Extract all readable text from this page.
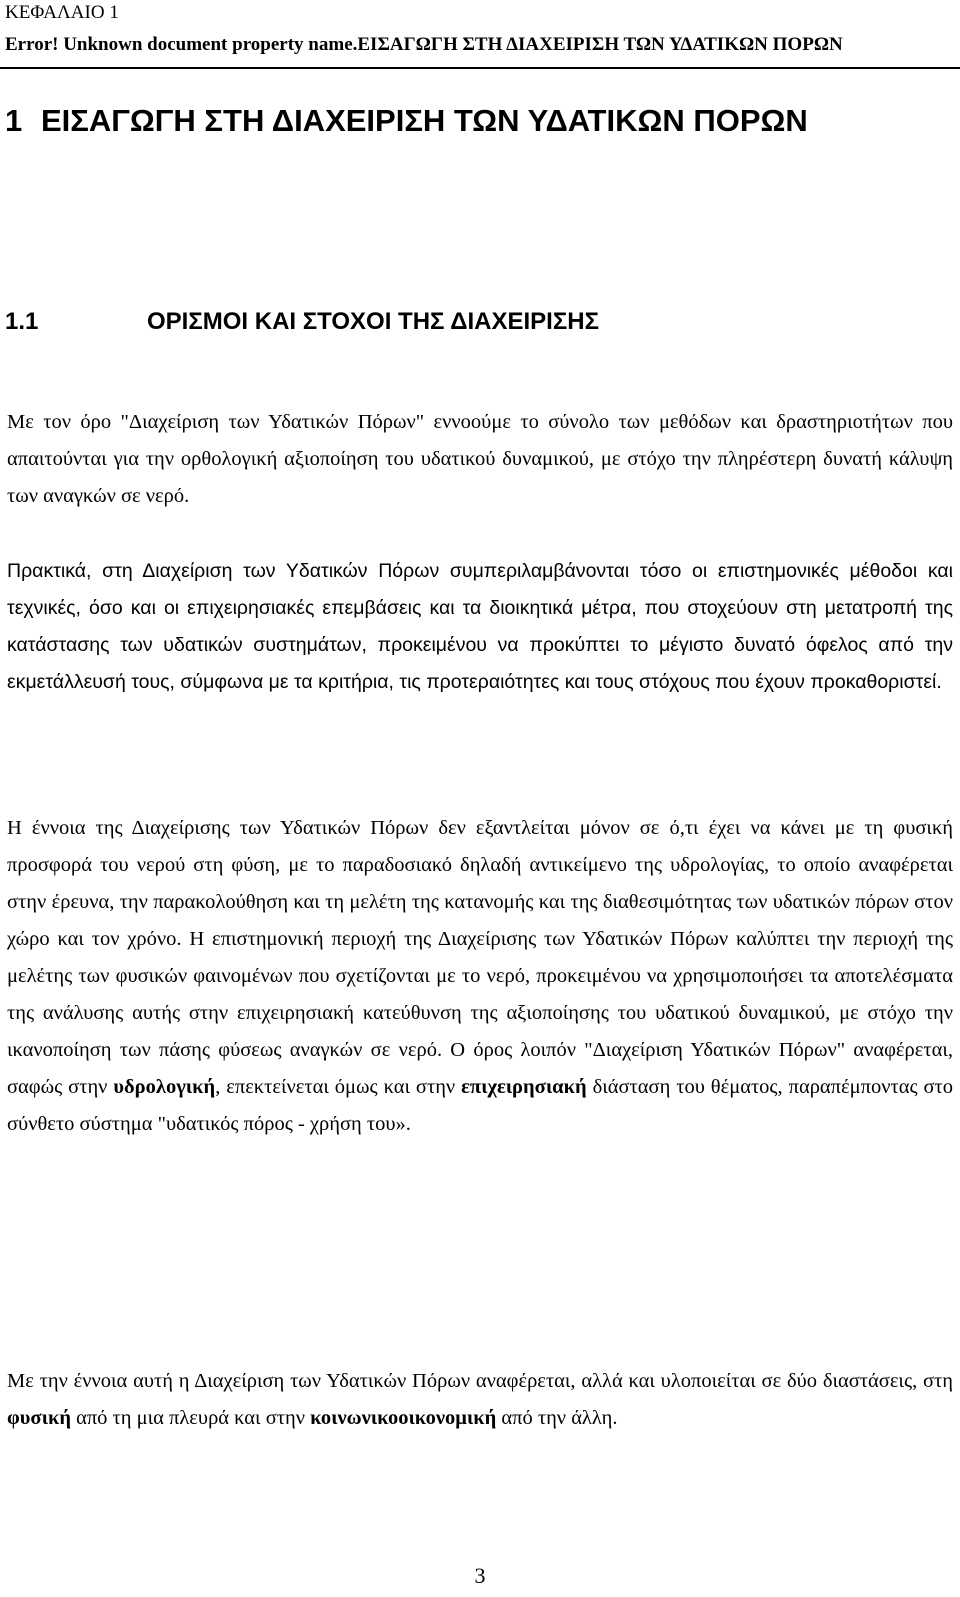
ΚΕΦΑΛΑΙΟ 1
Error! Unknown document property name.ΕΙΣΑΓΩΓΗ ΣΤΗ ΔΙΑΧΕΙΡΙΣΗ ΤΩΝ ΥΔΑΤΙΚΩΝ ΠΟΡΩΝ
1 ΕΙΣΑΓΩΓΗ ΣΤΗ ΔΙΑΧΕΙΡΙΣΗ ΤΩΝ ΥΔΑΤΙΚΩΝ ΠΟΡΩΝ
1.1	ΟΡΙΣΜΟΙ ΚΑΙ ΣΤΟΧΟΙ ΤΗΣ ΔΙΑΧΕΙΡΙΣΗΣ

Με τον όρο "Διαχείριση των Υδατικών Πόρων" εννοούμε το σύνολο των μεθόδων και δραστηριοτήτων που απαιτούνται για την ορθολογική αξιοποίηση του υδατικού δυναμικού, με στόχο την πληρέστερη δυνατή κάλυψη των αναγκών σε νερό.

Πρακτικά, στη Διαχείριση των Υδατικών Πόρων συμπεριλαμβάνονται τόσο οι επιστημονικές μέθοδοι και τεχνικές, όσο και οι επιχειρησιακές επεμβάσεις και τα διοικητικά μέτρα, που στοχεύουν στη μετατροπή της κατάστασης των υδατικών συστημάτων, προκειμένου να προκύπτει το μέγιστο δυνατό όφελος από την εκμετάλλευσή τους, σύμφωνα με τα κριτήρια, τις προτεραιότητες και τους στόχους που έχουν προκαθοριστεί.

Η έννοια της Διαχείρισης των Υδατικών Πόρων δεν εξαντλείται μόνον σε ό,τι έχει να κάνει με τη φυσική προσφορά του νερού στη φύση, με το παραδοσιακό δηλαδή αντικείμενο της υδρολογίας, το οποίο αναφέρεται στην έρευνα, την παρακολούθηση και τη μελέτη της κατανομής και της διαθεσιμότητας των υδατικών πόρων στον χώρο και τον χρόνο. Η επιστημονική περιοχή της Διαχείρισης των Υδατικών Πόρων καλύπτει την περιοχή της μελέτης των φυσικών φαινομένων που σχετίζονται με το νερό, προκειμένου να χρησιμοποιήσει τα αποτελέσματα της ανάλυσης αυτής στην επιχειρησιακή κατεύθυνση της αξιοποίησης του υδατικού δυναμικού, με στόχο την ικανοποίηση των πάσης φύσεως αναγκών σε νερό. Ο όρος λοιπόν "Διαχείριση Υδατικών Πόρων" αναφέρεται, σαφώς στην υδρολογική, επεκτείνεται όμως και στην επιχειρησιακή διάσταση του θέματος, παραπέμποντας στο σύνθετο σύστημα "υδατικός πόρος - χρήση του».

Με την έννοια αυτή η Διαχείριση των Υδατικών Πόρων αναφέρεται, αλλά και υλοποιείται σε δύο διαστάσεις, στη φυσική από τη μια πλευρά και στην κοινωνικοοικονομική από την άλλη.

3
